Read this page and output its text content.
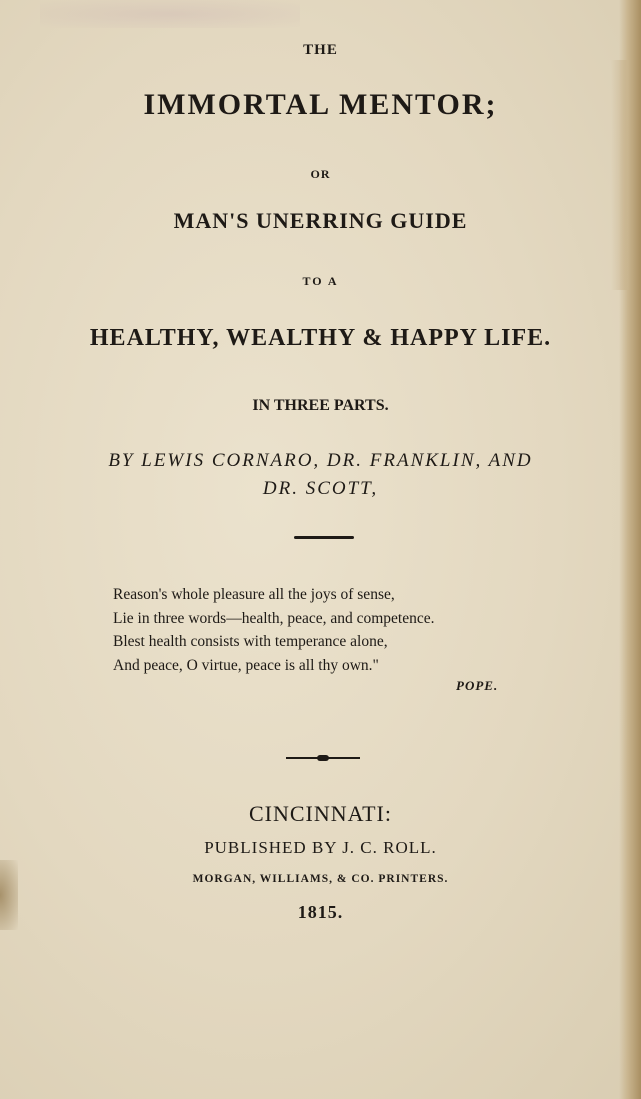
THE
IMMORTAL MENTOR;
OR
MAN'S UNERRING GUIDE
TO A
HEALTHY, WEALTHY & HAPPY LIFE.
IN THREE PARTS.
BY LEWIS CORNARO, DR. FRANKLIN, AND
DR. SCOTT,
Reason's whole pleasure all the joys of sense,
Lie in three words—health, peace, and competence.
Blest health consists with temperance alone,
And peace, O virtue, peace is all thy own."
POPE.
CINCINNATI:
PUBLISHED BY J. C. ROLL.
MORGAN, WILLIAMS, & CO. PRINTERS.
1815.
